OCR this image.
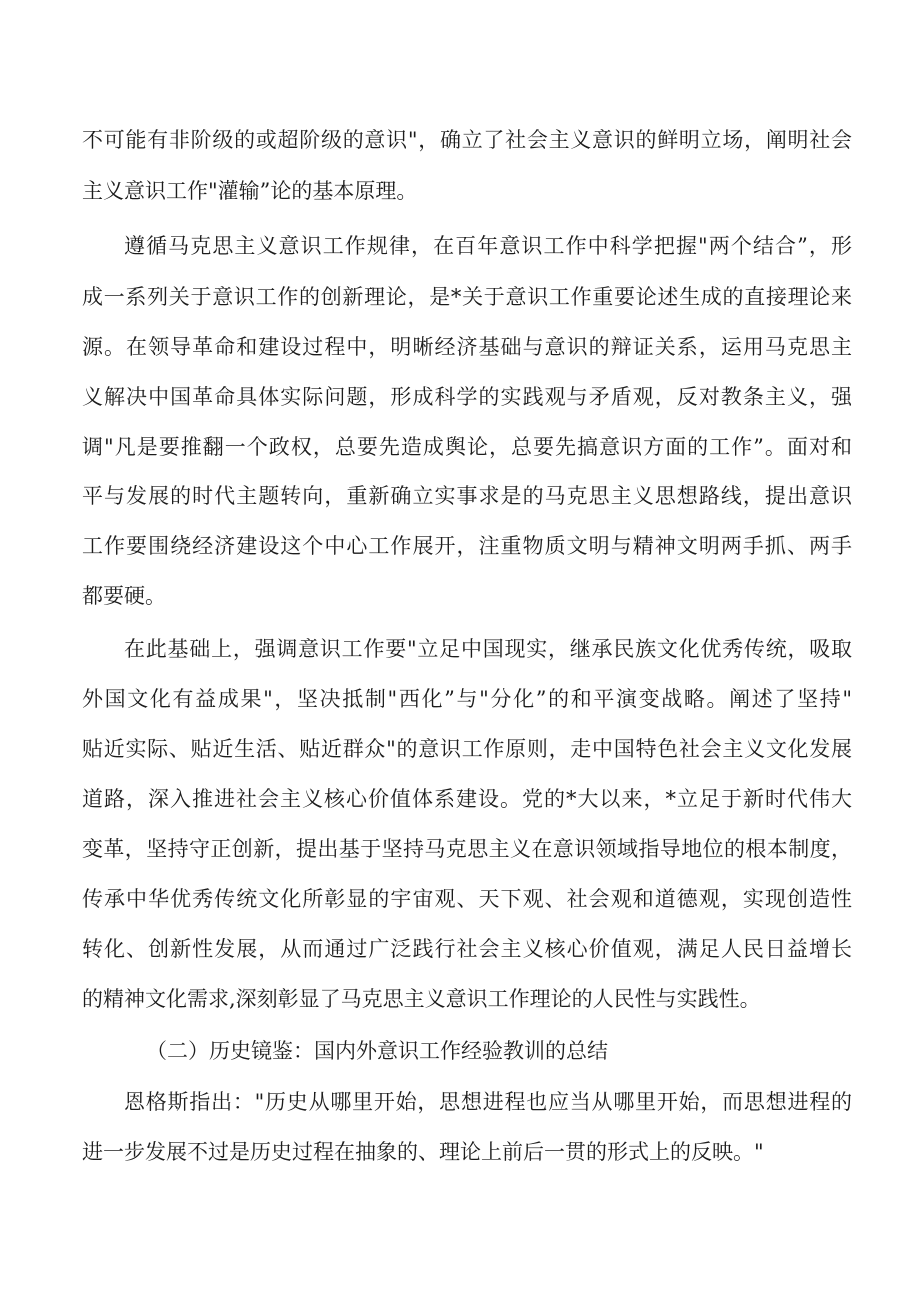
不可能有非阶级的或超阶级的意识"，确立了社会主义意识的鲜明立场，阐明社会
主义意识工作"灌输”论的基本原理。
遵循马克思主义意识工作规律，在百年意识工作中科学把握"两个结合”，形
成一系列关于意识工作的创新理论，是*关于意识工作重要论述生成的直接理论来
源。在领导革命和建设过程中，明晰经济基础与意识的辩证关系，运用马克思主
义解决中国革命具体实际问题，形成科学的实践观与矛盾观，反对教条主义，强
调"凡是要推翻一个政权，总要先造成舆论，总要先搞意识方面的工作”。面对和
平与发展的时代主题转向，重新确立实事求是的马克思主义思想路线，提出意识
工作要围绕经济建设这个中心工作展开，注重物质文明与精神文明两手抓、两手
都要硬。
在此基础上，强调意识工作要"立足中国现实，继承民族文化优秀传统，吸取
外国文化有益成果"，坚决抵制"西化”与"分化”的和平演变战略。阐述了坚持"
贴近实际、贴近生活、贴近群众"的意识工作原则，走中国特色社会主义文化发展
道路，深入推进社会主义核心价值体系建设。党的*大以来，*立足于新时代伟大
变革，坚持守正创新，提出基于坚持马克思主义在意识领域指导地位的根本制度，
传承中华优秀传统文化所彰显的宇宙观、天下观、社会观和道德观，实现创造性
转化、创新性发展，从而通过广泛践行社会主义核心价值观，满足人民日益增长
的精神文化需求,深刻彰显了马克思主义意识工作理论的人民性与实践性。
（二）历史镜鉴：国内外意识工作经验教训的总结
恩格斯指出："历史从哪里开始，思想进程也应当从哪里开始，而思想进程的
进一步发展不过是历史过程在抽象的、理论上前后一贯的形式上的反映。"
